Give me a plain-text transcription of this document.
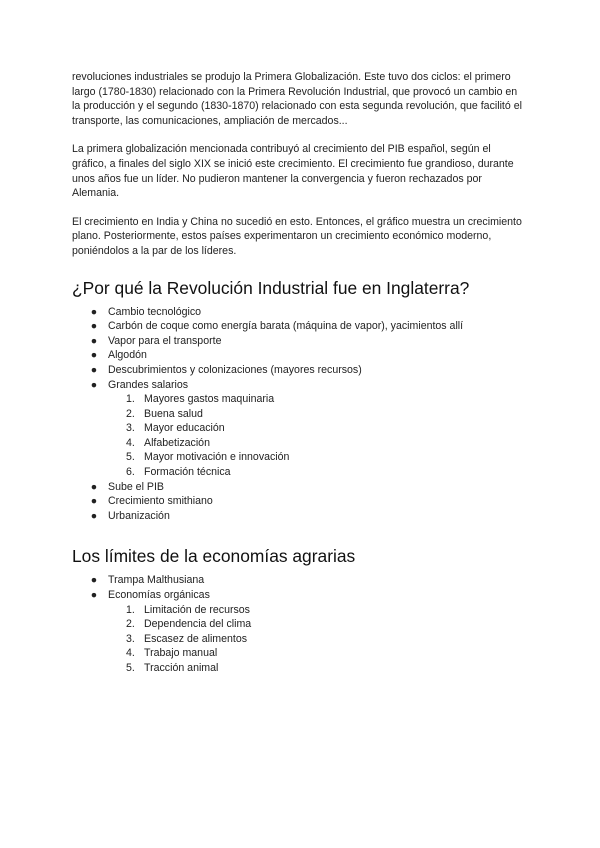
revoluciones industriales se produjo la Primera Globalización. Este tuvo dos ciclos: el primero largo (1780-1830) relacionado con la Primera Revolución Industrial, que provocó un cambio en la producción y el segundo (1830-1870) relacionado con esta segunda revolución, que facilitó el transporte, las comunicaciones, ampliación de mercados...

La primera globalización mencionada contribuyó al crecimiento del PIB español, según el gráfico, a finales del siglo XIX se inició este crecimiento. El crecimiento fue grandioso, durante unos años fue un líder. No pudieron mantener la convergencia y fueron rechazados por Alemania.

El crecimiento en India y China no sucedió en esto. Entonces, el gráfico muestra un crecimiento plano. Posteriormente, estos países experimentaron un crecimiento económico moderno, poniéndolos a la par de los líderes.

¿Por qué la Revolución Industrial fue en Inglaterra?
● Cambio tecnológico
● Carbón de coque como energía barata (máquina de vapor), yacimientos allí
● Vapor para el transporte
● Algodón
● Descubrimientos y colonizaciones (mayores recursos)
● Grandes salarios
1. Mayores gastos maquinaria
2. Buena salud
3. Mayor educación
4. Alfabetización
5. Mayor motivación e innovación
6. Formación técnica
● Sube el PIB
● Crecimiento smithiano
● Urbanización
Los límites de la economías agrarias
● Trampa Malthusiana
● Economías orgánicas
1. Limitación de recursos
2. Dependencia del clima
3. Escasez de alimentos
4. Trabajo manual
5. Tracción animal
